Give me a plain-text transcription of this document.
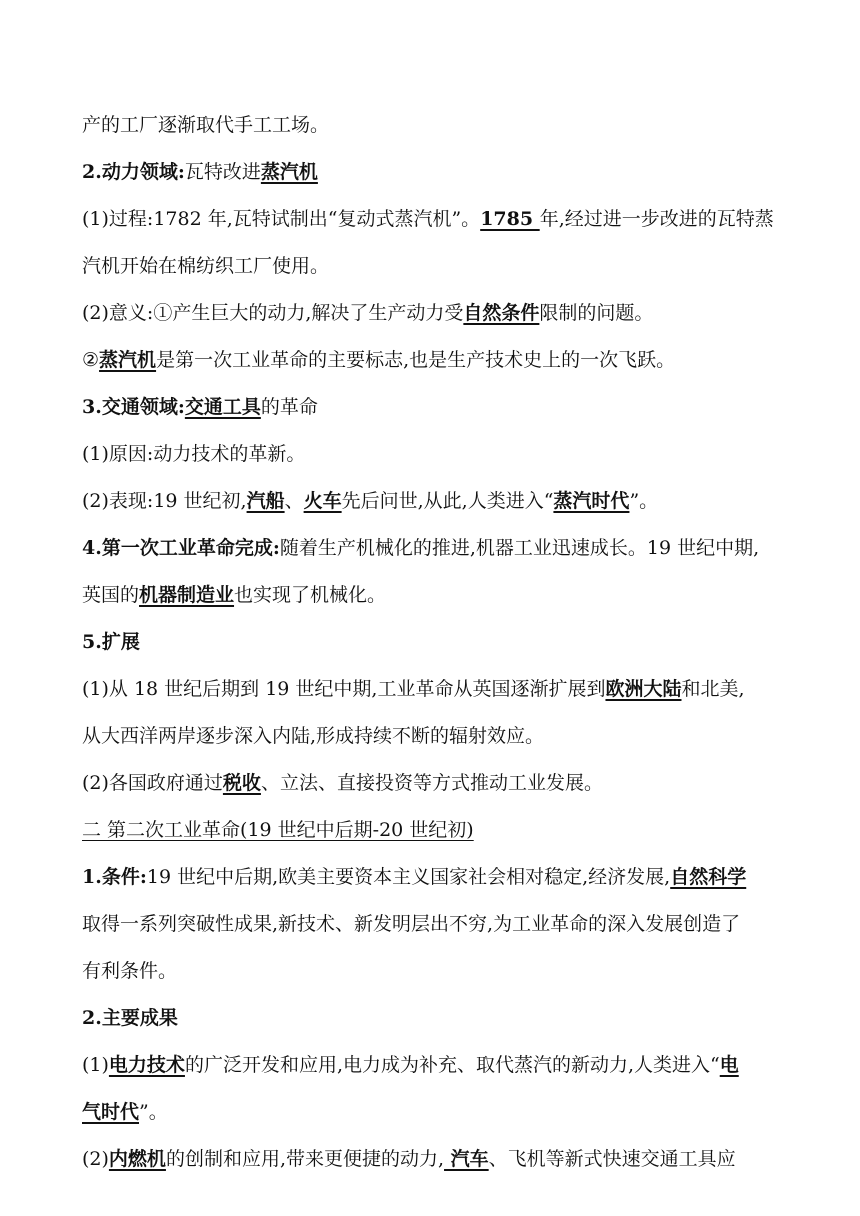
产的工厂逐渐取代手工工场。
2.动力领域:瓦特改进蒸汽机
(1)过程:1782 年,瓦特试制出“复动式蒸汽机”。1785 年,经过进一步改进的瓦特蒸
汽机开始在棉纺织工厂使用。
(2)意义:①产生巨大的动力,解决了生产动力受自然条件限制的问题。
②蒸汽机是第一次工业革命的主要标志,也是生产技术史上的一次飞跃。
3.交通领域:交通工具的革命
(1)原因:动力技术的革新。
(2)表现:19 世纪初,汽船、火车先后问世,从此,人类进入“蒸汽时代”。
4.第一次工业革命完成:随着生产机械化的推进,机器工业迅速成长。19 世纪中期,
英国的机器制造业也实现了机械化。
5.扩展
(1)从 18 世纪后期到 19 世纪中期,工业革命从英国逐渐扩展到欧洲大陆和北美,
从大西洋两岸逐步深入内陆,形成持续不断的辐射效应。
(2)各国政府通过税收、立法、直接投资等方式推动工业发展。
二 第二次工业革命(19 世纪中后期-20 世纪初)
1.条件:19 世纪中后期,欧美主要资本主义国家社会相对稳定,经济发展,自然科学
取得一系列突破性成果,新技术、新发明层出不穷,为工业革命的深入发展创造了
有利条件。
2.主要成果
(1)电力技术的广泛开发和应用,电力成为补充、取代蒸汽的新动力,人类进入“电
气时代”。
(2)内燃机的创制和应用,带来更便捷的动力, 汽车、飞机等新式快速交通工具应
